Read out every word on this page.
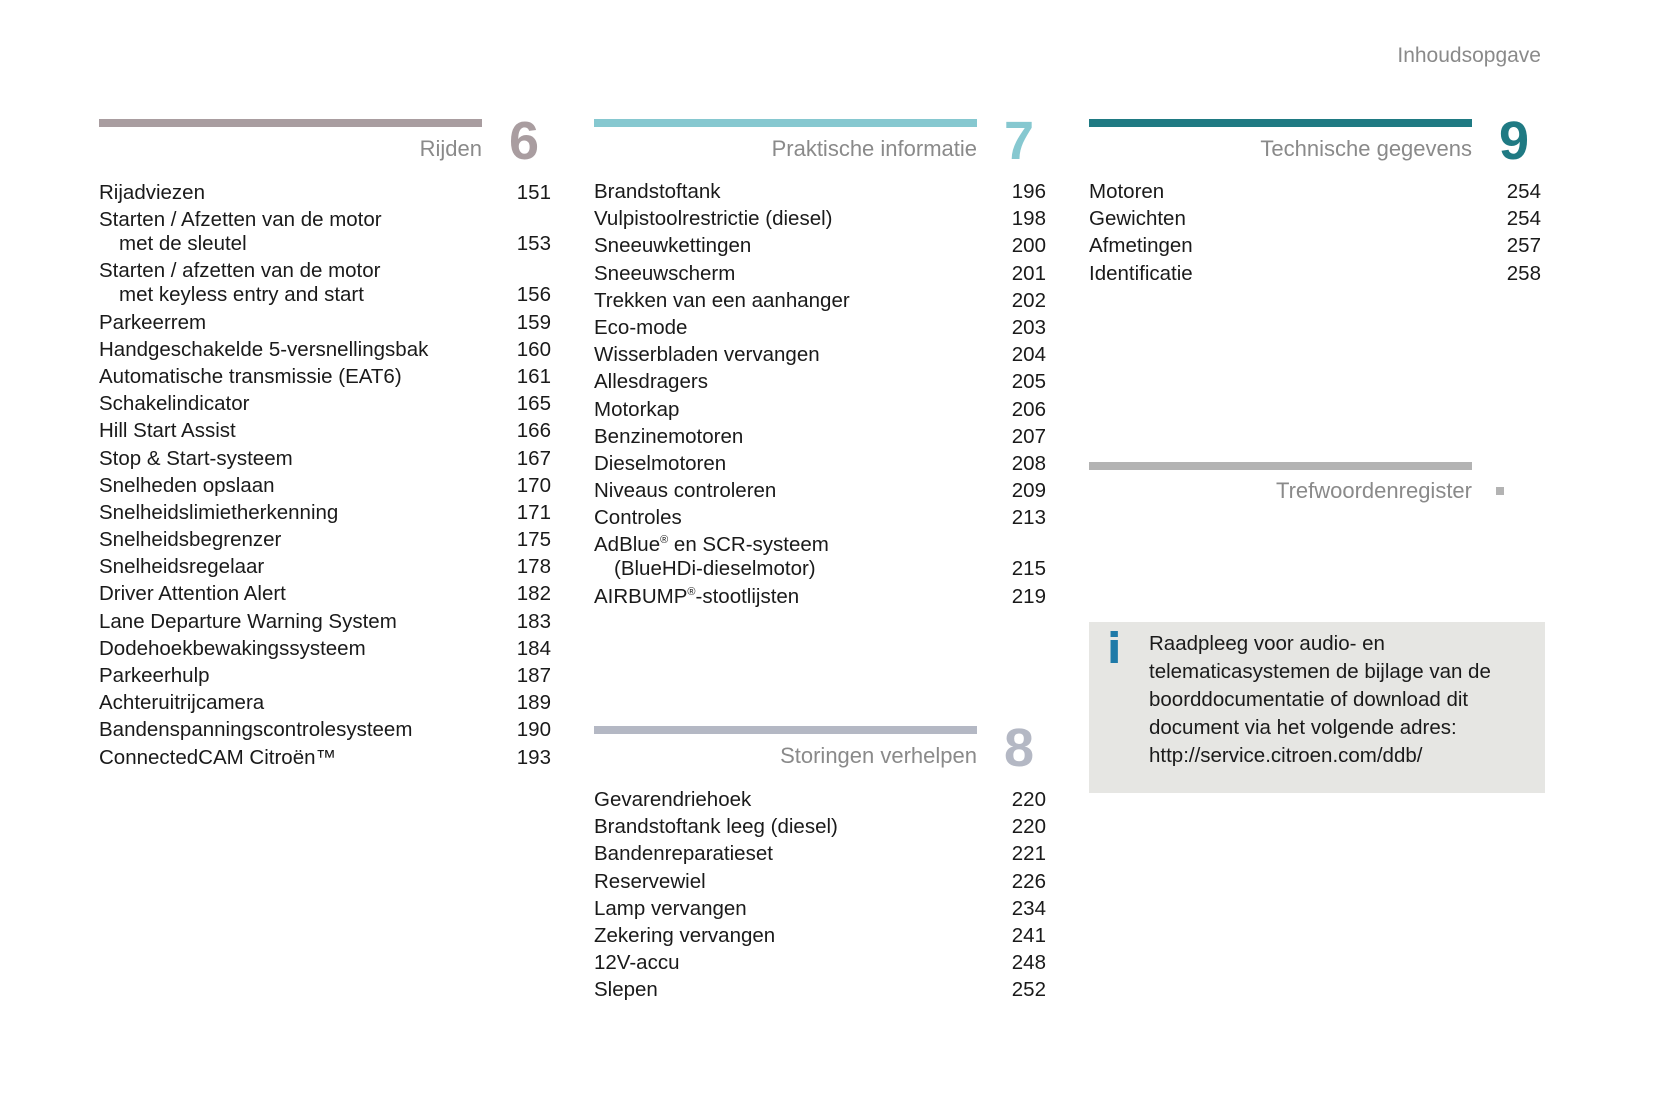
Inhoudsopgave
Rijden 6
Rijadviezen	151
Starten / Afzetten van de motor
met de sleutel	153
Starten / afzetten van de motor
met keyless entry and start	156
Parkeerrem	159
Handgeschakelde 5-versnellingsbak	160
Automatische transmissie (EAT6)	161
Schakelindicator	165
Hill Start Assist	166
Stop & Start-systeem	167
Snelheden opslaan	170
Snelheidslimietherkenning	171
Snelheidsbegrenzer	175
Snelheidsregelaar	178
Driver Attention Alert	182
Lane Departure Warning System	183
Dodehoekbewakingssysteem	184
Parkeerhulp	187
Achteruitrijcamera	189
Bandenspanningscontrolesysteem	190
ConnectedCAM Citroën™	193
Praktische informatie 7
Brandstoftank	196
Vulpistoolrestrictie (diesel)	198
Sneeuwkettingen	200
Sneeuwscherm	201
Trekken van een aanhanger	202
Eco-mode	203
Wisserbladen vervangen	204
Allesdragers	205
Motorkap	206
Benzinemotoren	207
Dieselmotoren	208
Niveaus controleren	209
Controles	213
AdBlue® en SCR-systeem
(BlueHDi-dieselmotor)	215
AIRBUMP®-stootlijsten	219
Storingen verhelpen 8
Gevarendriehoek	220
Brandstoftank leeg (diesel)	220
Bandenreparatieset	221
Reservewiel	226
Lamp vervangen	234
Zekering vervangen	241
12V-accu	248
Slepen	252
Technische gegevens 9
Motoren	254
Gewichten	254
Afmetingen	257
Identificatie	258
Trefwoordenregister
i Raadpleeg voor audio- en
telematicasystemen de bijlage van de
boorddocumentatie of download dit
document via het volgende adres:
http://service.citroen.com/ddb/
